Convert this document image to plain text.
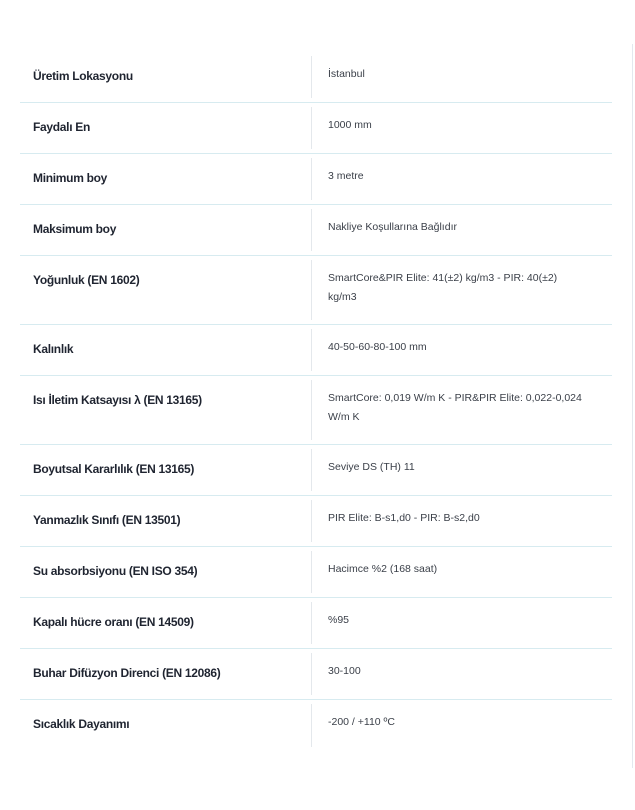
Üretim Lokasyonu	İstanbul
Faydalı En	1000 mm
Minimum boy	3 metre
Maksimum boy	Nakliye Koşullarına Bağlıdır
Yoğunluk (EN 1602)	SmartCore&PIR Elite: 41(±2) kg/m3 - PIR: 40(±2) kg/m3
Kalınlık	40-50-60-80-100 mm
Isı İletim Katsayısı λ (EN 13165)	SmartCore: 0,019 W/m K - PIR&PIR Elite: 0,022-0,024 W/m K
Boyutsal Kararlılık (EN 13165)	Seviye DS (TH) 11
Yanmazlık Sınıfı (EN 13501)	PIR Elite: B-s1,d0 - PIR: B-s2,d0
Su absorbsiyonu (EN ISO 354)	Hacimce %2 (168 saat)
Kapalı hücre oranı (EN 14509)	%95
Buhar Difüzyon Direnci (EN 12086)	30-100
Sıcaklık Dayanımı	-200 / +110 ºC
